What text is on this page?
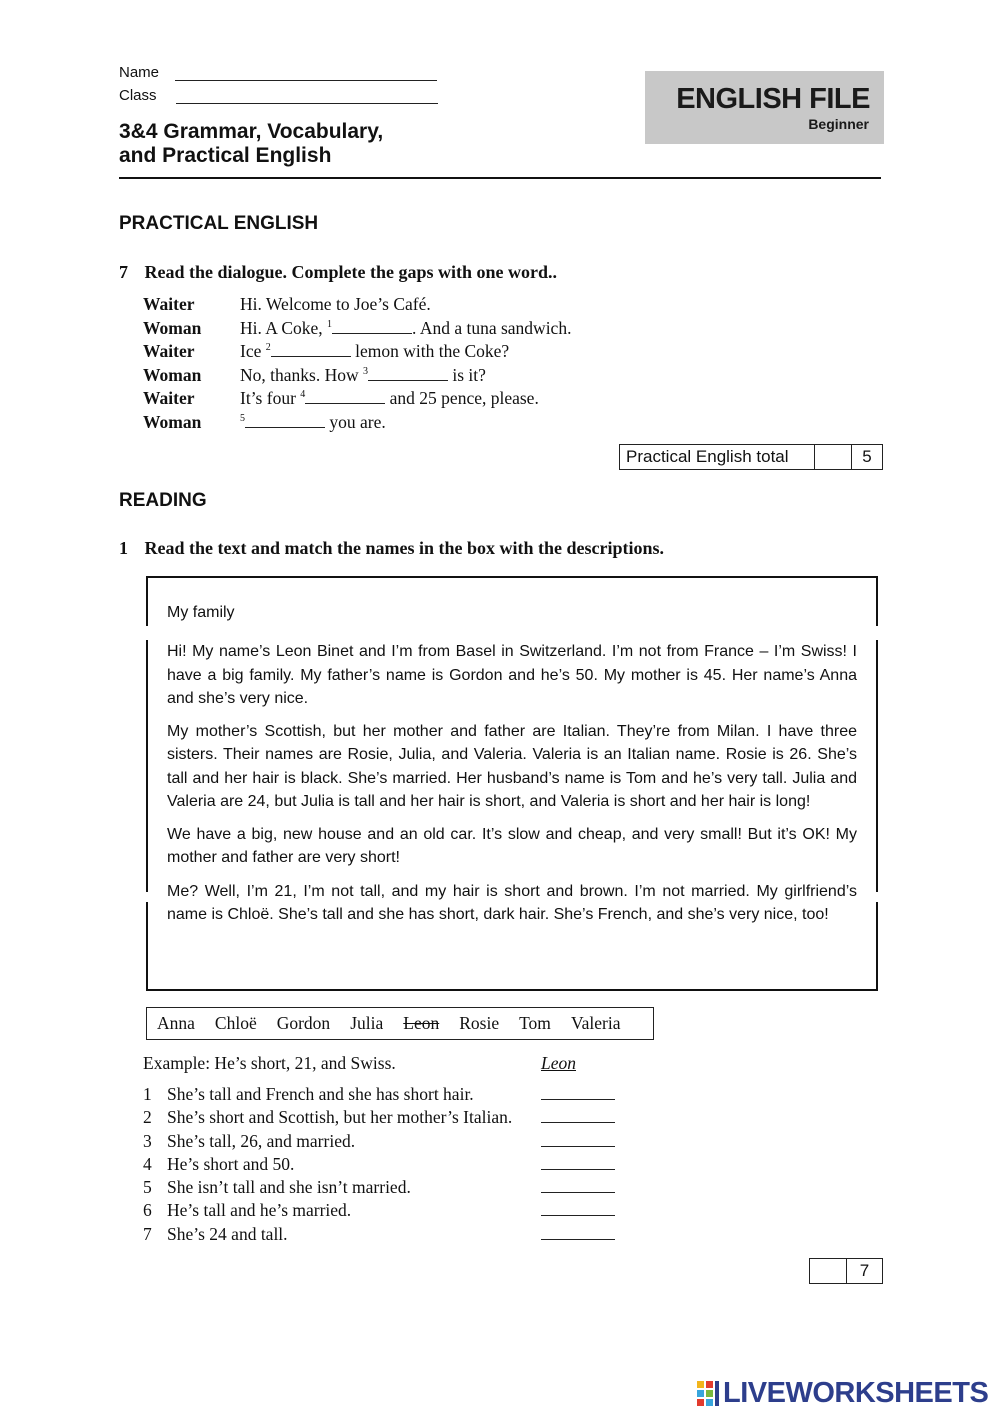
Name
Class
3&4 Grammar, Vocabulary,
and Practical English
ENGLISH FILE
Beginner
PRACTICAL ENGLISH
7 Read the dialogue. Complete the gaps with one word..
Waiter	Hi. Welcome to Joe’s Café.
Woman Hi. A Coke, $^1$	. And a tuna sandwich.
Waiter	Ice $^2$	lemon with the Coke?
Woman No, thanks. How $^3$	is it?
Waiter	It’s four $^4$	and 25 pence, please.
Woman	$^5$	you are.
Practical English total	5
READING
1 Read the text and match the names in the box with the descriptions.
My family

Hi! My name’s Leon Binet and I’m from Basel in Switzerland. I’m not from France – I’m Swiss! I have a big family. My father’s name is Gordon and he’s 50. My mother is 45. Her name’s Anna and she’s very nice.

My mother’s Scottish, but her mother and father are Italian. They’re from Milan. I have three sisters. Their names are Rosie, Julia, and Valeria. Valeria is an Italian name. Rosie is 26. She’s tall and her hair is black. She’s married. Her husband’s name is Tom and he’s very tall. Julia and Valeria are 24, but Julia is tall and her hair is short, and Valeria is short and her hair is long!

We have a big, new house and an old car. It’s slow and cheap, and very small! But it’s OK! My mother and father are very short!

Me? Well, I’m 21, I’m not tall, and my hair is short and brown. I’m not married. My girlfriend’s name is Chloë. She’s tall and she has short, dark hair. She’s French, and she’s very nice, too!

Anna Chloë Gordon Julia Leon Rosie Tom Valeria
Example: He’s short, 21, and Swiss.	Leon
1 She’s tall and French and she has short hair.
2 She’s short and Scottish, but her mother’s Italian.
3 She’s tall, 26, and married.
4 He’s short and 50.
5 She isn’t tall and she isn’t married.
6 He’s tall and he’s married.
7 She’s 24 and tall.
7
LIVEWORKSHEETS
